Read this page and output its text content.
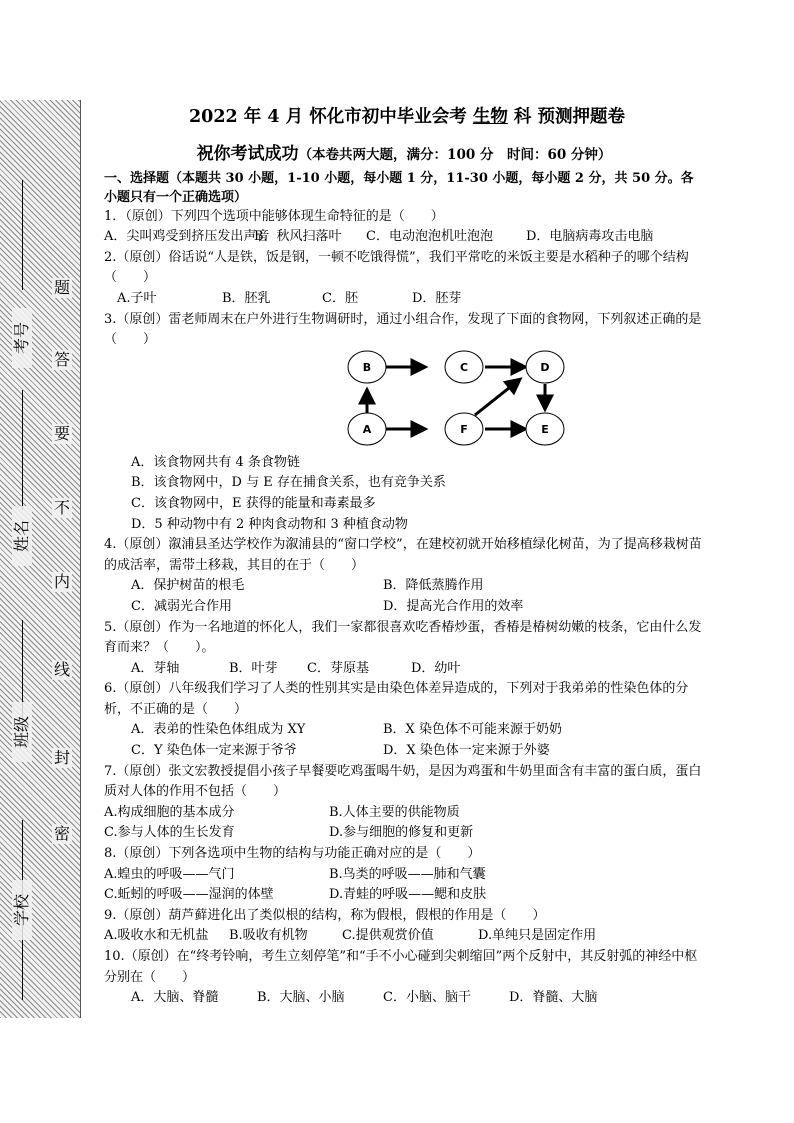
考号
姓名
班级
学校
题
答
要
不
内
线
封
密
2022 年 4 月 怀化市初中毕业会考 生物 科 预测押题卷
祝你考试成功（本卷共两大题，满分：100 分　时间：60 分钟）
一、选择题（本题共 30 小题，1-10 小题，每小题 1 分，11-30 小题，每小题 2 分，共 50 分。各小题只有一个正确选项）
1．（原创）下列四个选项中能够体现生命特征的是（　　）
A．尖叫鸡受到挤压发出声音
B．秋风扫落叶	C．电动泡泡机吐泡泡	D．电脑病毒攻击电脑
2.（原创）俗话说“人是铁，饭是钢，一顿不吃饿得慌”，我们平常吃的米饭主要是水稻种子的哪个结构（　　）
A.子叶	B．胚乳	C．胚	D．胚芽
3.（原创）雷老师周末在户外进行生物调研时，通过小组合作，发现了下面的食物网，下列叙述正确的是（　　）
B	C	D
A	F	E
A．该食物网共有 4 条食物链
B．该食物网中，D 与 E 存在捕食关系，也有竞争关系
C．该食物网中，E 获得的能量和毒素最多
D．5 种动物中有 2 种肉食动物和 3 种植食动物
4.（原创）溆浦县圣达学校作为溆浦县的“窗口学校”，在建校初就开始移植绿化树苗，为了提高移栽树苗的成活率，需带土移栽，其目的在于（　　）
A．保护树苗的根毛	B．降低蒸腾作用
C．减弱光合作用	D．提高光合作用的效率
5.（原创）作为一名地道的怀化人，我们一家都很喜欢吃香椿炒蛋，香椿是椿树幼嫩的枝条，它由什么发育而来？（　　）。
A．芽轴	B．叶芽	C．芽原基	D．幼叶
6.（原创）八年级我们学习了人类的性别其实是由染色体差异造成的，下列对于我弟弟的性染色体的分析，不正确的是（　　）
A．表弟的性染色体组成为 XY	B．X 染色体不可能来源于奶奶
C．Y 染色体一定来源于爷爷	D．X 染色体一定来源于外婆
7.（原创）张文宏教授提倡小孩子早餐要吃鸡蛋喝牛奶，是因为鸡蛋和牛奶里面含有丰富的蛋白质，蛋白质对人体的作用不包括（　　）
A.构成细胞的基本成分	B.人体主要的供能物质
C.参与人体的生长发育	D.参与细胞的修复和更新
8.（原创）下列各选项中生物的结构与功能正确对应的是（　　）
A.蝗虫的呼吸——气门	B.鸟类的呼吸——肺和气囊
C.蚯蚓的呼吸——湿润的体壁	D.青蛙的呼吸——鳃和皮肤
9.（原创）葫芦藓进化出了类似根的结构，称为假根，假根的作用是（　　）
A.吸收水和无机盐	B.吸收有机物	C.提供观赏价值	D.单纯只是固定作用
10.（原创）在“终考铃响，考生立刻停笔”和“手不小心碰到尖刺缩回”两个反射中，其反射弧的神经中枢分别在（　　）
A．大脑、脊髓	B．大脑、小脑	C．小脑、脑干	D．脊髓、大脑
